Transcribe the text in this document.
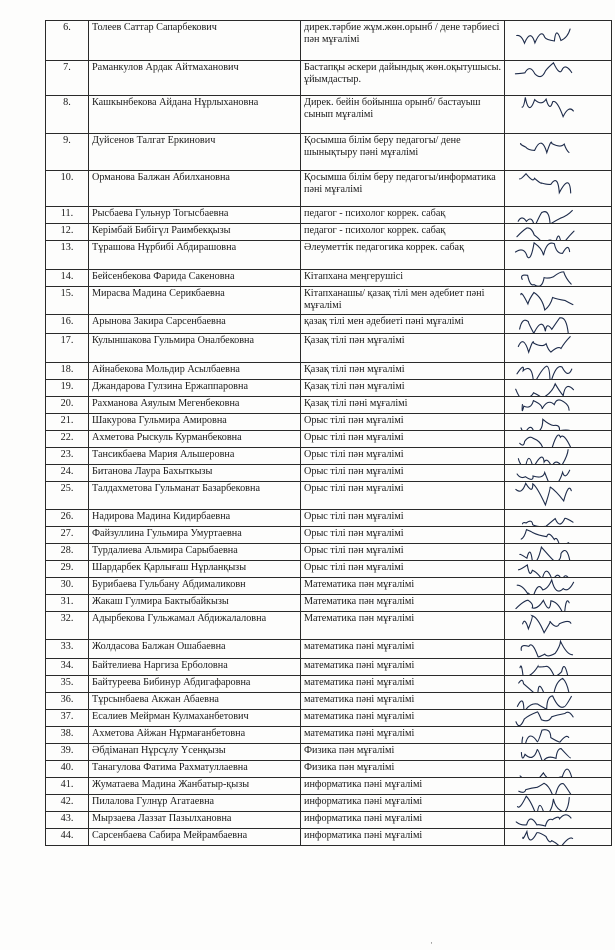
6.	Толеев Саттар Сапарбекович	дирек.тәрбие жұм.жөн.орынб / дене тәрбиесі пән мұғалімі	

7.	Раманкулов Ардак Айтмаханович	Бастапқы әскери дайындық жөн.оқытушысы. ұйымдастыр.	

8.	Кашкынбекова Айдана Нұрлыхановна	Дирек. бейін бойынша орынб/ бастауыш сынып мұғалімі	

9.	Дуйсенов Талгат Еркинович	Қосымша білім беру педагогы/ дене шынықтыру пәні мұғалімі	

10.	Орманова Балжан Абилхановна	Қосымша білім беру педагогы/информатика пәні мұғалімі	

11.	Рысбаева Гульнур Тогысбаевна	педагог - психолог коррек. сабақ	

12.	Керімбай Бибігүл Раимбекқызы	педагог - психолог коррек. сабақ	

13.	Тұрашова Нұрбибі Абдирашовна	Әлеуметтік педагогика коррек. сабақ	

14.	Бейсенбекова Фарида Сакеновна	Кітапхана меңгерушісі	

15.	Мирасва Мадина Серикбаевна	Кітапханашы/ қазақ тілі мен әдебиет пәні мұғалімі	

16.	Арынова Закира Сарсенбаевна	қазақ тілі мен әдебиеті пәні мұғалімі	

17.	Кулыншакова Гульмира Оналбековна	Қазақ тілі пән мұғалімі	

18.	Айнабекова Мольдир Асылбаевна	Қазақ тілі пән мұғалімі	

19.	Джандарова Гулзина Ержаппаровна	Қазақ тілі пән мұғалімі	

20.	Рахманова Аяулым Мегенбековна	Қазақ тілі пәні мұғалімі	

21.	Шакурова Гульмира Амировна	Орыс тілі пән мұғалімі	

22.	Ахметова Рыскуль Курманбековна	Орыс тілі пән мұғалімі	

23.	Тансикбаева Мария Альшеровна	Орыс тілі пән мұғалімі	

24.	Битанова Лаура Бахыткызы	Орыс тілі пән мұғалімі	

25.	Талдахметова Гульманат Базарбековна	Орыс тілі пән мұғалімі	

26.	Надирова Мадина Кидирбаевна	Орыс тілі пән мұғалімі	

27.	Файзуллина Гульмира Умуртаевна	Орыс тілі пән мұғалімі	

28.	Турдалиева Альмира Сарыбаевна	Орыс тілі пән мұғалімі	

29.	Шардарбек Қарлығаш Нұрланқызы	Орыс тілі пән мұғалімі	

30.	Бурибаева Гульбану Абдималиковн	Математика пән мұғалімі	

31.	Жакаш Гулмира Бактыбайкызы	Математика пән мұғалімі	

32.	Адырбекова Гульжамал Абдижалаловна	Математика пән мұғалімі	

33.	Жолдасова Балжан Ошабаевна	математика пәні мұғалімі	

34.	Байтелиева Наргиза Ерболовна	математика пәні мұғалімі	

35.	Байтуреева Бибинур Абдигафаровна	математика пәні мұғалімі	

36.	Тұрсынбаева Акжан Абаевна	математика пәні мұғалімі	

37.	Есалиев Мейрман Кулмаханбетович	математика пәні мұғалімі	

38.	Ахметова Айжан Нұрмағанбетовна	математика пәні мұғалімі	

39.	Әбдіманап Нұрсұлу Үсенқызы	Физика пән мұғалімі	

40.	Танагулова Фатима Рахматуллаевна	Физика пән мұғалімі	

41.	Жуматаева Мадина Жанбатыр-қызы	информатика пәні мұғалімі	

42.	Пилалова Гулнұр Агатаевна	информатика пәні мұғалімі	

43.	Мырзаева Лаззат Пазылхановна	информатика пәні мұғалімі	

44.	Сарсенбаева Сабира Мейрамбаевна	информатика пәні мұғалімі	
·
